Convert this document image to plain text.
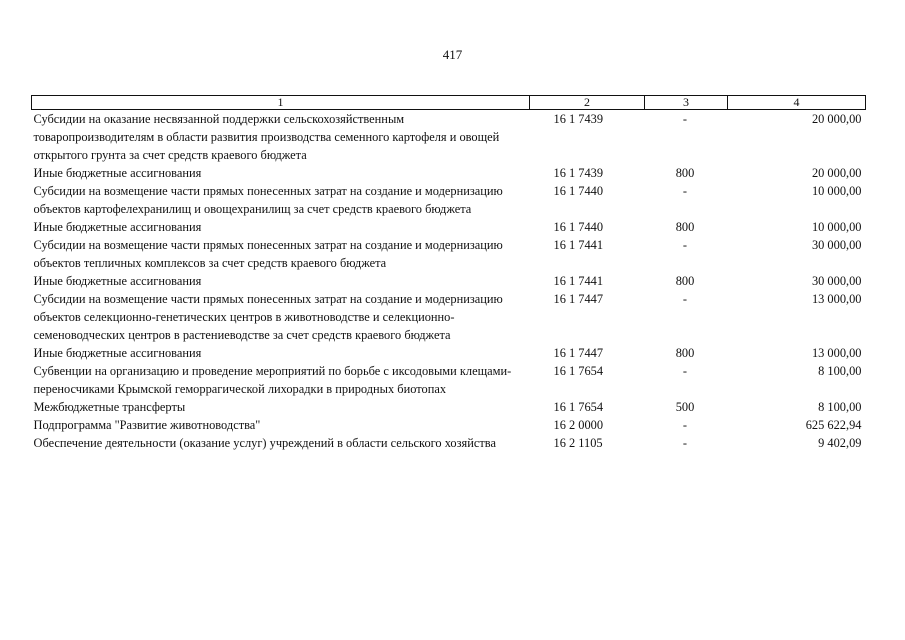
417
1	2	3	4
Субсидии на оказание несвязанной поддержки сельскохозяйственным товаропроизводителям в области развития производства семенного картофеля и овощей открытого грунта за счет средств краевого бюджета	16 1 7439	-	20 000,00
Иные бюджетные ассигнования	16 1 7439	800	20 000,00
Субсидии на возмещение части прямых понесенных затрат на создание и модернизацию объектов картофелехранилищ и овощехранилищ за счет средств краевого бюджета	16 1 7440	-	10 000,00
Иные бюджетные ассигнования	16 1 7440	800	10 000,00
Субсидии на возмещение части прямых понесенных затрат на создание и модернизацию объектов тепличных комплексов за счет средств краевого бюджета	16 1 7441	-	30 000,00
Иные бюджетные ассигнования	16 1 7441	800	30 000,00
Субсидии на возмещение части прямых понесенных затрат на создание и модернизацию объектов селекционно-генетических центров в животноводстве и селекционно-семеноводческих центров в растениеводстве за счет средств краевого бюджета	16 1 7447	-	13 000,00
Иные бюджетные ассигнования	16 1 7447	800	13 000,00
Субвенции на организацию и проведение мероприятий по борьбе с иксодовыми клещами-переносчиками Крымской геморрагической лихорадки в природных биотопах	16 1 7654	-	8 100,00
Межбюджетные трансферты	16 1 7654	500	8 100,00
Подпрограмма "Развитие животноводства"	16 2 0000	-	625 622,94
Обеспечение деятельности (оказание услуг) учреждений в области сельского хозяйства	16 2 1105	-	9 402,09
